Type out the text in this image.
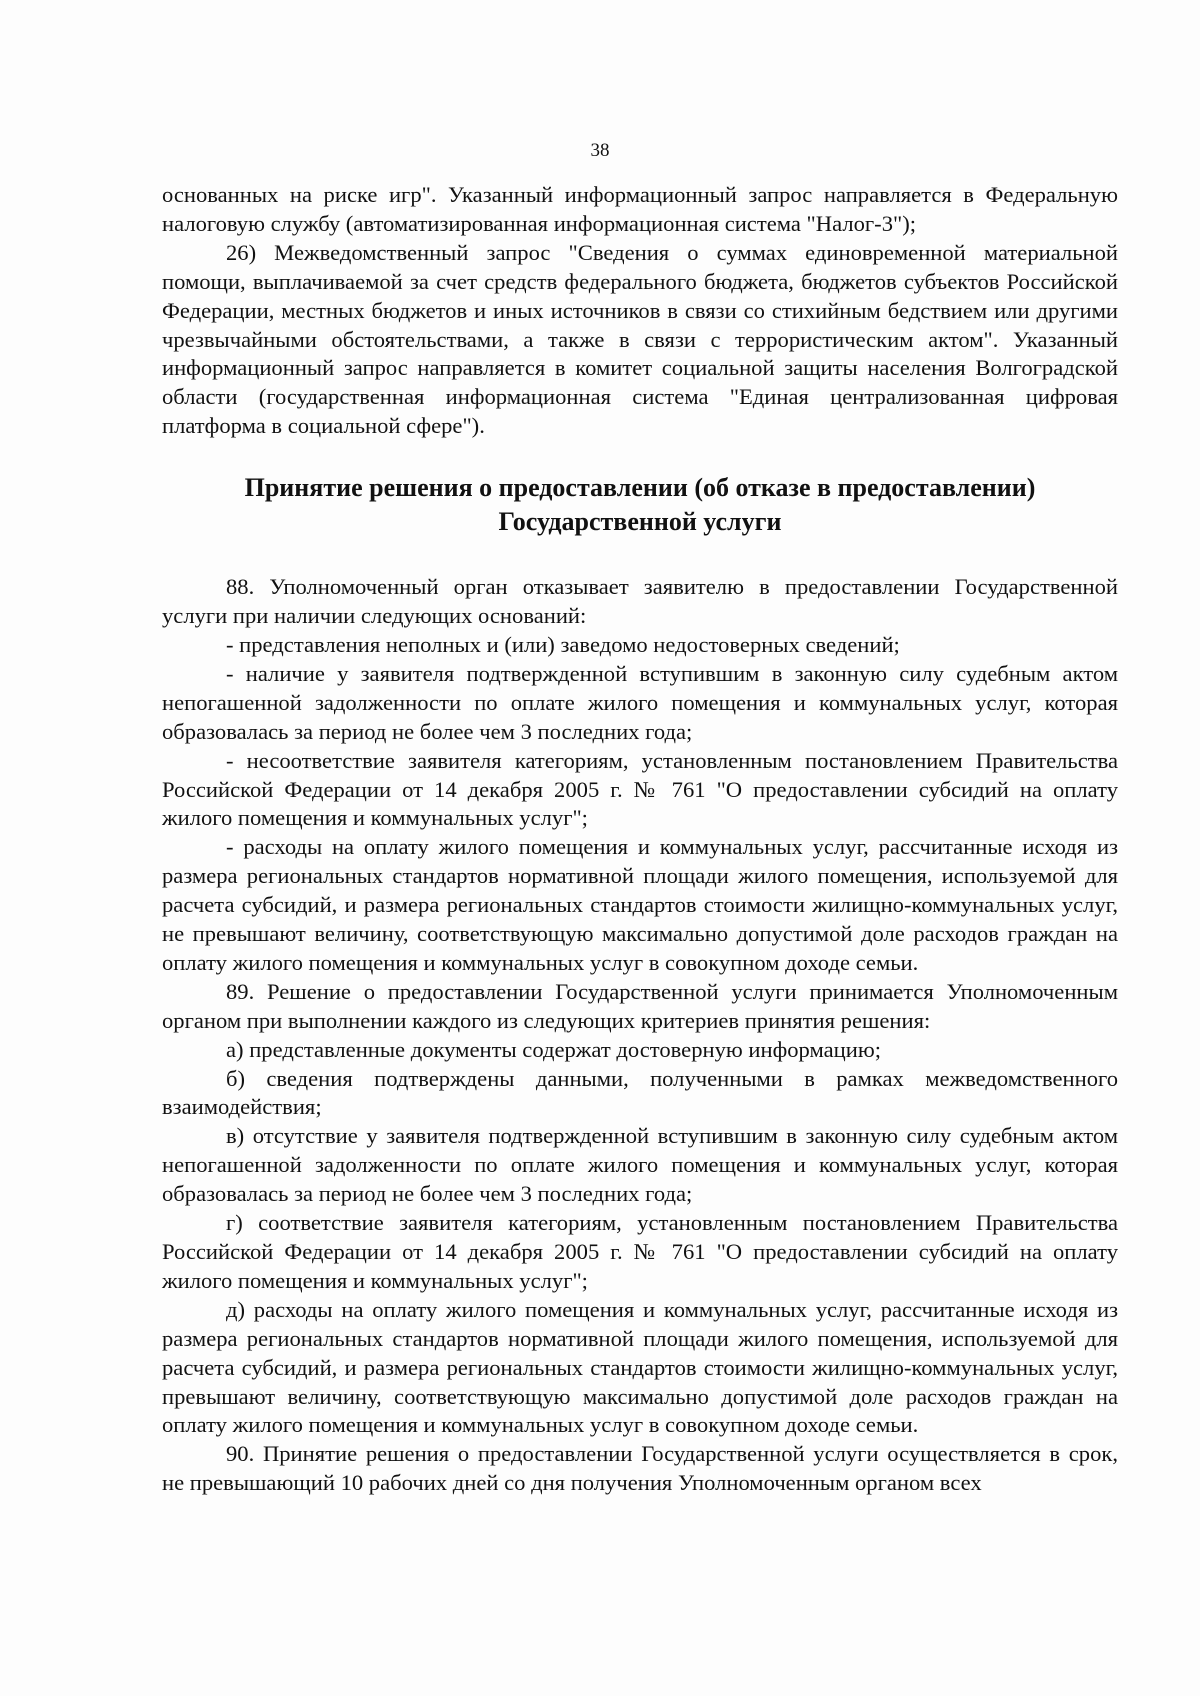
38

основанных на риске игр". Указанный информационный запрос направляется в Федеральную налоговую службу (автоматизированная информационная система "Налог-3");

26) Межведомственный запрос "Сведения о суммах единовременной материальной помощи, выплачиваемой за счет средств федерального бюджета, бюджетов субъектов Российской Федерации, местных бюджетов и иных источников в связи со стихийным бедствием или другими чрезвычайными обстоятельствами, а также в связи с террористическим актом". Указанный информационный запрос направляется в комитет социальной защиты населения Волгоградской области (государственная информационная система "Единая централизованная цифровая платформа в социальной сфере").

Принятие решения о предоставлении (об отказе в предоставлении)
Государственной услуги

88. Уполномоченный орган отказывает заявителю в предоставлении Государственной услуги при наличии следующих оснований:

- представления неполных и (или) заведомо недостоверных сведений;

- наличие у заявителя подтвержденной вступившим в законную силу судебным актом непогашенной задолженности по оплате жилого помещения и коммунальных услуг, которая образовалась за период не более чем 3 последних года;

- несоответствие заявителя категориям, установленным постановлением Правительства Российской Федерации от 14 декабря 2005 г. № 761 "О предоставлении субсидий на оплату жилого помещения и коммунальных услуг";

- расходы на оплату жилого помещения и коммунальных услуг, рассчитанные исходя из размера региональных стандартов нормативной площади жилого помещения, используемой для расчета субсидий, и размера региональных стандартов стоимости жилищно-коммунальных услуг, не превышают величину, соответствующую максимально допустимой доле расходов граждан на оплату жилого помещения и коммунальных услуг в совокупном доходе семьи.

89. Решение о предоставлении Государственной услуги принимается Уполномоченным органом при выполнении каждого из следующих критериев принятия решения:

а) представленные документы содержат достоверную информацию;

б) сведения подтверждены данными, полученными в рамках межведомственного взаимодействия;

в) отсутствие у заявителя подтвержденной вступившим в законную силу судебным актом непогашенной задолженности по оплате жилого помещения и коммунальных услуг, которая образовалась за период не более чем 3 последних года;

г) соответствие заявителя категориям, установленным постановлением Правительства Российской Федерации от 14 декабря 2005 г. № 761 "О предоставлении субсидий на оплату жилого помещения и коммунальных услуг";

д) расходы на оплату жилого помещения и коммунальных услуг, рассчитанные исходя из размера региональных стандартов нормативной площади жилого помещения, используемой для расчета субсидий, и размера региональных стандартов стоимости жилищно-коммунальных услуг, превышают величину, соответствующую максимально допустимой доле расходов граждан на оплату жилого помещения и коммунальных услуг в совокупном доходе семьи.

90. Принятие решения о предоставлении Государственной услуги осуществляется в срок, не превышающий 10 рабочих дней со дня получения Уполномоченным органом всех
